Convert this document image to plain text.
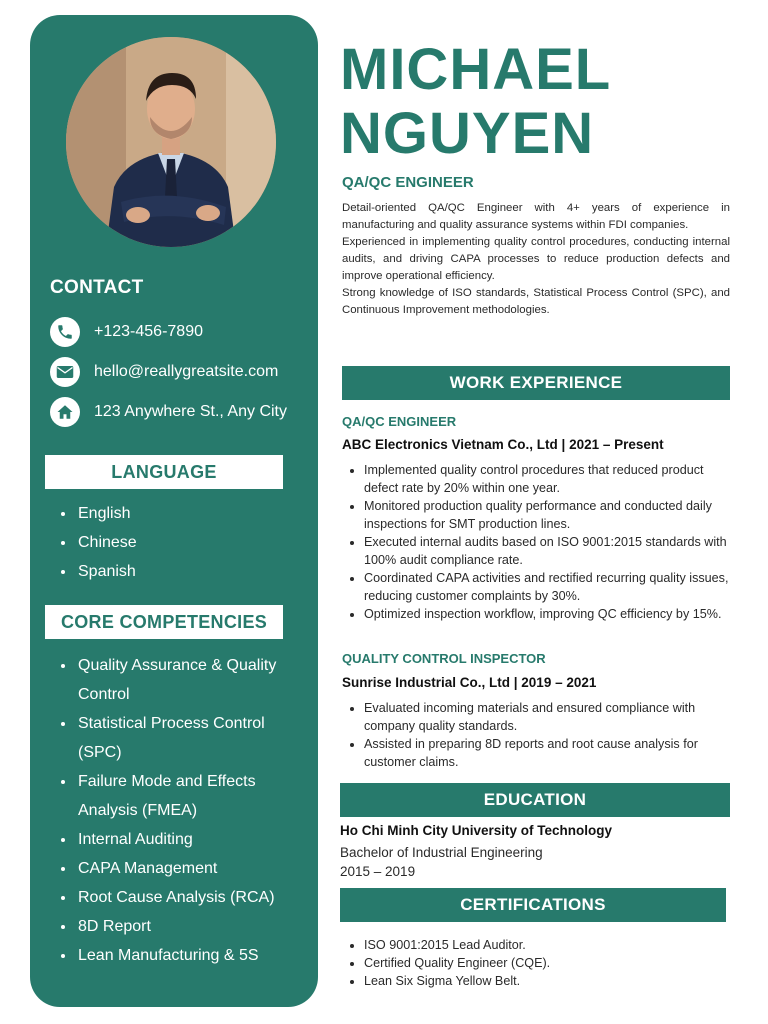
CONTACT
+123-456-7890
hello@reallygreatsite.com
123 Anywhere St., Any City
LANGUAGE
• English
• Chinese
• Spanish
CORE COMPETENCIES
• Quality Assurance & Quality Control
• Statistical Process Control (SPC)
• Failure Mode and Effects Analysis (FMEA)
• Internal Auditing
• CAPA Management
• Root Cause Analysis (RCA)
• 8D Report
• Lean Manufacturing & 5S
MICHAEL
NGUYEN
QA/QC ENGINEER

Detail-oriented QA/QC Engineer with 4+ years of experience in manufacturing and quality assurance systems within FDI companies.

Experienced in implementing quality control procedures, conducting internal audits, and driving CAPA processes to reduce production defects and improve operational efficiency.

Strong knowledge of ISO standards, Statistical Process Control (SPC), and Continuous Improvement methodologies.

WORK EXPERIENCE
QA/QC ENGINEER
ABC Electronics Vietnam Co., Ltd | 2021 – Present
• Implemented quality control procedures that reduced product defect rate by 20% within one year.
• Monitored production quality performance and conducted daily inspections for SMT production lines.
• Executed internal audits based on ISO 9001:2015 standards with 100% audit compliance rate.
• Coordinated CAPA activities and rectified recurring quality issues, reducing customer complaints by 30%.
• Optimized inspection workflow, improving QC efficiency by 15%.
QUALITY CONTROL INSPECTOR
Sunrise Industrial Co., Ltd | 2019 – 2021
• Evaluated incoming materials and ensured compliance with company quality standards.
• Assisted in preparing 8D reports and root cause analysis for customer claims.
EDUCATION
Ho Chi Minh City University of Technology
Bachelor of Industrial Engineering
2015 – 2019
CERTIFICATIONS
• ISO 9001:2015 Lead Auditor.
• Certified Quality Engineer (CQE).
• Lean Six Sigma Yellow Belt.
